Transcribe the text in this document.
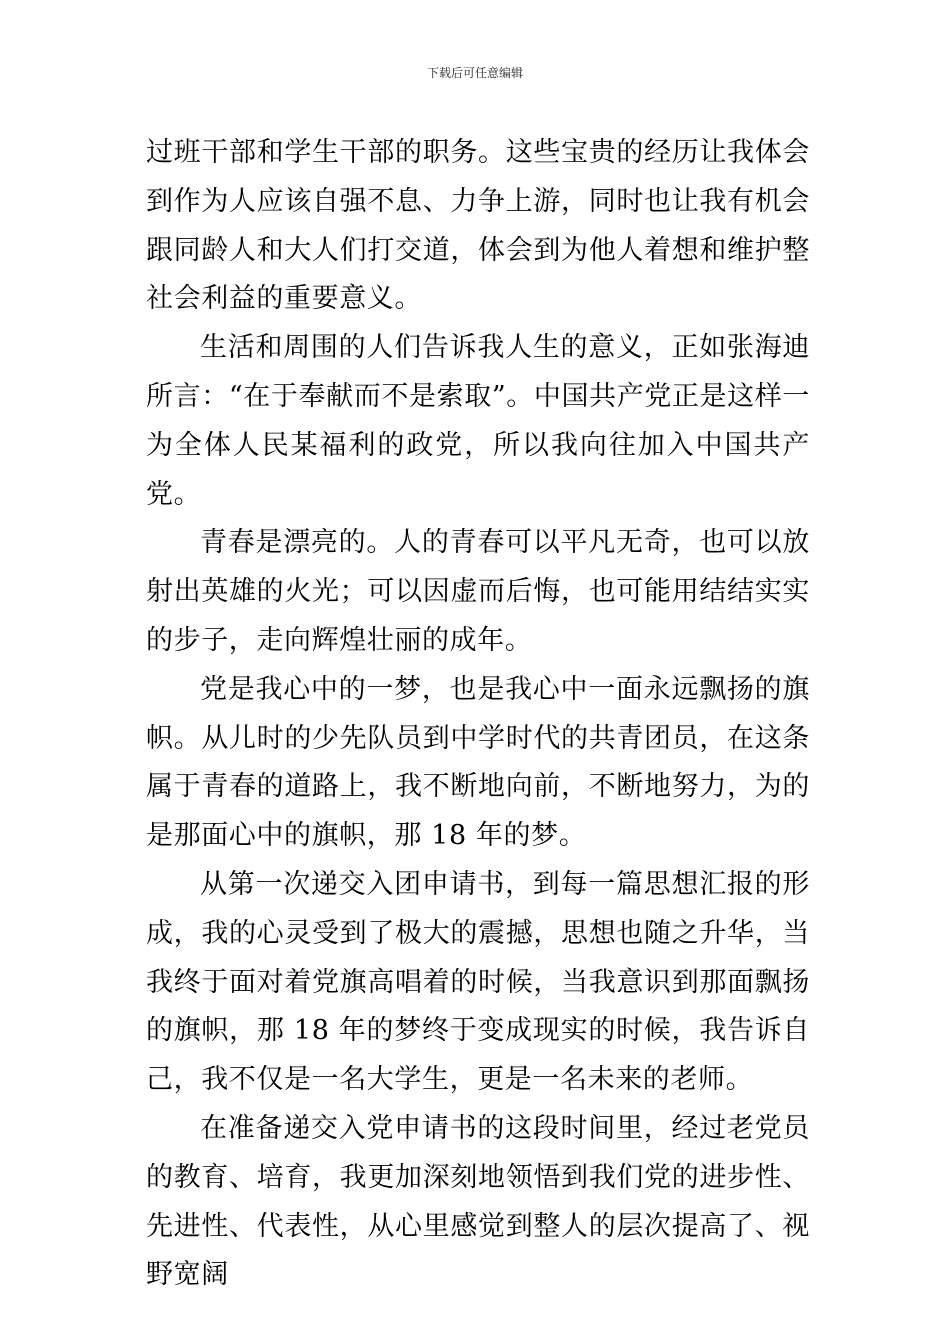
下载后可任意编辑

过班干部和学生干部的职务。这些宝贵的经历让我体会到作为人应该自强不息、力争上游，同时也让我有机会跟同龄人和大人们打交道，体会到为他人着想和维护整社会利益的重要意义。

生活和周围的人们告诉我人生的意义，正如张海迪所言：“在于奉献而不是索取”。中国共产党正是这样一为全体人民某福利的政党，所以我向往加入中国共产党。

青春是漂亮的。人的青春可以平凡无奇，也可以放射出英雄的火光；可以因虚而后悔，也可能用结结实实的步子，走向辉煌壮丽的成年。

党是我心中的一梦，也是我心中一面永远飘扬的旗帜。从儿时的少先队员到中学时代的共青团员，在这条属于青春的道路上，我不断地向前，不断地努力，为的是那面心中的旗帜，那 18 年的梦。

从第一次递交入团申请书，到每一篇思想汇报的形成，我的心灵受到了极大的震撼，思想也随之升华，当我终于面对着党旗高唱着的时候，当我意识到那面飘扬的旗帜，那 18 年的梦终于变成现实的时候，我告诉自己，我不仅是一名大学生，更是一名未来的老师。

在准备递交入党申请书的这段时间里，经过老党员的教育、培育，我更加深刻地领悟到我们党的进步性、先进性、代表性，从心里感觉到整人的层次提高了、视野宽阔
